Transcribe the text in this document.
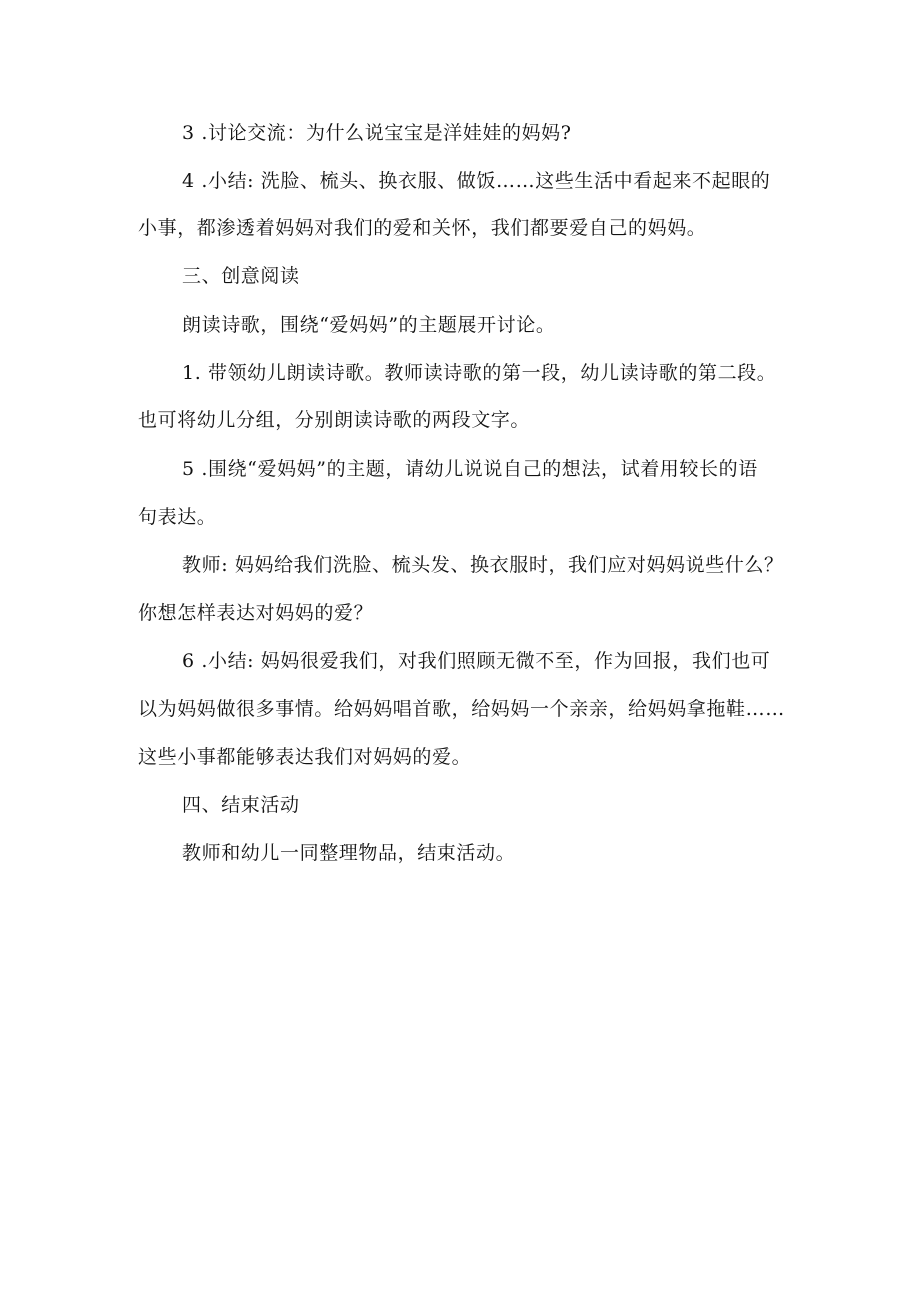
3 .讨论交流：为什么说宝宝是洋娃娃的妈妈?
4 .小结: 洗脸、梳头、换衣服、做饭……这些生活中看起来不起眼的
小事，都渗透着妈妈对我们的爱和关怀，我们都要爱自己的妈妈。
三、创意阅读
朗读诗歌，围绕“爱妈妈”的主题展开讨论。
1. 带领幼儿朗读诗歌。教师读诗歌的第一段，幼儿读诗歌的第二段。
也可将幼儿分组，分别朗读诗歌的两段文字。
5 .围绕“爱妈妈”的主题，请幼儿说说自己的想法，试着用较长的语
句表达。
教师: 妈妈给我们洗脸、梳头发、换衣服时，我们应对妈妈说些什么？
你想怎样表达对妈妈的爱？
6 .小结: 妈妈很爱我们，对我们照顾无微不至，作为回报，我们也可
以为妈妈做很多事情。给妈妈唱首歌，给妈妈一个亲亲，给妈妈拿拖鞋……
这些小事都能够表达我们对妈妈的爱。
四、结束活动
教师和幼儿一同整理物品，结束活动。
